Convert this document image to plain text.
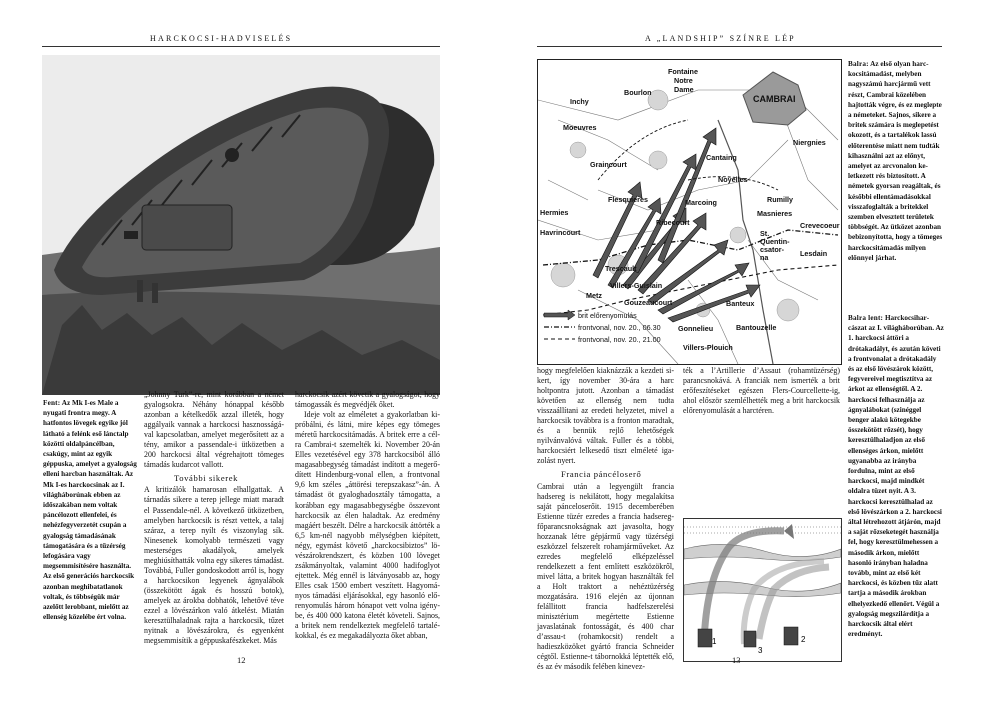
HARCKOCSI-HADVISELÉS
Fent: Az Mk I-es Male a nyugati frontra megy. A hatfontos lövegek egyike jól látható a felénk eső lánctalp közötti oldalpáncélban, csakúgy, mint az egyik géppuska, amelyet a gyalogság elleni harcban használtak. Az Mk I-es harckocsinak az I. világháborúnak ebben az időszakában nem voltak páncélozott ellenfelei, és nehézfegyverzetét csupán a gyalogság támadásának támogatására és a tűzérség lefogására vagy megsemmisítésére használta. Az első generációs harckocsik azonban meghibatatlanok voltak, és többségük már azelőtt lerobbant, mielőtt az ellenség közelébe ért volna.

„Johnny Turk”-re, mint korábban a német gyalogsokra. Néhány hónappal később azonban a kételkedők azzal illeték, hogy aggályaik vannak a harckocsi hasznosságával kapcsolatban, amelyet megerősített az a tény, amikor a passendale-i ütközetben a 200 harckocsi által végrehajtott tömeges támadás kudarcot vallott.

További sikerek

A kritizálók hamarosan elhallgattak. A tárnadás sikere a terep jellege miatt maradt el Passendale-nél. A következő ütközetben, amelyben harckocsik is részt vettek, a talaj száraz, a terep nyílt és viszonylag sík. Ninesenek komolyabb természeti vagy mesterséges akadályok, amelyek meghiúsíthatták volna egy sikeres támadást. Továbbá, Fuller gondoskodott arról is, hogy a harckocsikon legyenek ágnyalábok (összekötött ágak és hosszú botok), amelyek az árokba dobhatók, lehetővé téve ezzel a lövészárkon való átkelést. Miatán keresztülhaladnak rajta a harckocsik, tűzet nyitnak a lövészárokra, és egyenként megsemmisítik a géppuskafészkeket. Más

harckocsik azért követik a gyalogságot, hogy támogassák és megvédjék őket.

Ideje volt az elméletet a gyakorlatban kipróbálni, és látni, mire képes egy tömeges méretű harckocsitámadás. A britek erre a célra Cambrai-t szemelték ki. November 20-án Elles vezetésével egy 378 harckocsiból álló magasabbegység támadást indított a megerődített Hindenburg-vonal ellen, a frontvonal 9,6 km széles „áttörési terepszakasz”-án. A támadást öt gyaloghadosztály támogatta, a korábban egy magasabbegységbe összevont harckocsik az élen haladtak. Az eredmény magáért beszélt. Délre a harckocsik áttörték a 6,5 km-nél nagyobb mélységben kiépített, négy, egymást követő „harckocsibiztos” lövészárokrendszert, és közben 100 löveget zsákmányoltak, valamint 4000 hadifoglyot ejtettek. Még ennél is látványosabb az, hogy Elles csak 1500 embert veszített. Hagyományos támadási eljárásokkal, egy hasonló előrenyomulás három hónapot vett volna igénybe, és 400 000 katona életét követeli. Sajnos, a britek nem rendelkeztek megfelelő tartalékokkal, és ez megakadályozta őket abban,

12
A „LANDSHIP” SZÍNRE LÉP
CAMBRAI
Fontaine
Notre
Dame
Bourlon
Inchy
Moeuvres
Graincourt
Cantaing
Noyelles
Niergnies
Flesquieres	Marcoing	Rumilly
Hermies
Havrincourt
Ribecourt
Masnieres
Crevecoeur
St.
Quentin-
csator-
na	Lesdain
Trescault
Villers-Guislain
Metz
Gouzeaucourt	Banteux
Gonnelieu	Bantouzelle
Villers-Plouich
brit előrenyomulás
frontvonal, nov. 20., 06.30
frontvonal, nov. 20., 21.00
Balra: Az első olyan harckocsitámadást, melyben nagyszámú harcjármű vett részt, Cambrai közelében hajtották végre, és ez meglepte a németeket. Sajnos, sikere a britek számára is meglepetést okozott, és a tartalékok lassú előterentése miatt nem tudták kihasználni azt az előnyt, amelyet az arcvonalon keletkezett rés biztosított. A németek gyorsan reagáltak, és későbbi ellentámadásokkal visszafoglalták a britekkel szemben elvesztett területek többségét. Az ütközet azonban bebizonyította, hogy a tömeges harckocsitámadás milyen előnnyel járhat.
Balra lent: Harckocsiharcászat az I. világháborúban. Az 1. harckocsi áttöri a drótakadályt, és azután követi a frontvonalat a drótakadály és az első lövészárok között, fegyvereivel megtisztítva az árkot az ellenségtől. A 2. harckocsi felhasználja az ágnyalábokat (szinéggel benger alakú kötegekbe összekötött rőzsét), hogy keresztülhaladjon az első ellenséges árkon, mielőtt ugyanabba az irányba fordulna, mint az első harckocsi, majd mindkét oldalra tüzet nyit. A 3. harckocsi keresztülhalad az első lövészárkon a 2. harckocsi által létrehozott átjárón, majd a saját rőzseketegét használja fel, hogy keresztülmehessen a második árkon, mielőtt hasonló irányban haladna tovább, mint az első két harckocsi, és közben tűz alatt tartja a második árokban elhelyezkedő ellenőrt. Végül a gyalogság megszilárdítja a harckocsik által elért eredményt.

hogy megfelelően kiaknázzák a kezdeti sikert, így november 30-ára a harc holtpontra jutott. Azonban a támadást követően az ellenség nem tudta visszaállítani az eredeti helyzetet, mivel a harckocsik továbbra is a fronton maradtak, és a bennük rejlő lehetőségek nyilvánvalóvá váltak. Fuller és a többi, harckocsiért lelkesedő tiszt elméleté igazolást nyert.

Francia páncéloserő

Cambrai után a legyengült francia hadsereg is nekilátott, hogy megalakítsa saját pánceloserőit. 1915 decemberében Estienne tüzér ezredes a francia hadsereg-főparancsnokságnak azt javasolta, hogy hozzanak létre gépjármű vagy tüzérségi eszközzel felszerelt rohamjárműveket. Az ezredes megfelelő elképzeléssel rendelkezett a fent említett eszközökről, mivel látta, a britek hogyan használták fel a Holt traktort a nehéztüzérség mozgatására. 1916 elején az újonnan felállitott francia hadfelszerelési minisztérium megértette Estienne javaslatának fontosságát, és 400 char d’assau-t (rohamkocsit) rendelt a hadieszközöket gyártó francia Schneider cégtől. Estienne-t tábornokká léptették elő, és az év második felében kinevez-

ték a l’Artillerie d’Assaut (rohamtüzérség) parancsnokává. A franciák nem ismerték a brit erőfeszítéseket egészen Flers-Courcellette-ig, ahol először szemlélhették meg a brit harckocsik előrenyomulását a harctéren.

1	2
3
13
